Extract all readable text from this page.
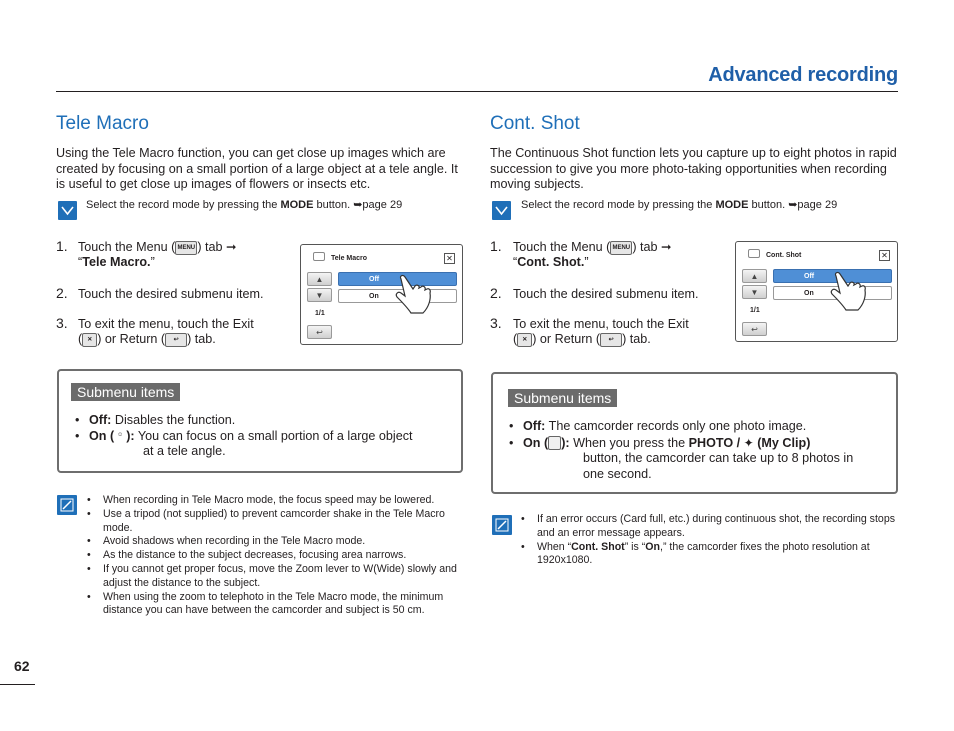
Advanced recording
Tele Macro
Using the Tele Macro function, you can get close up images which are created by focusing on a small portion of a large object at a tele angle. It is useful to get close up images of flowers or insects etc.
Select the record mode by pressing the MODE button. ➥page 29
1. Touch the Menu ( MENU ) tab ➞
“Tele Macro.”
2. Touch the desired submenu item.
3. To exit the menu, touch the Exit
( ✕ ) or Return ( ↩ ) tab.
Tele Macro	✕
▲
▼
Off
On
1/1
↩
Submenu items
• Off: Disables the function.
• On ( ☺ ): You can focus on a small portion of a large object
at a tele angle.
• When recording in Tele Macro mode, the focus speed may be lowered.
• Use a tripod (not supplied) to prevent camcorder shake in the Tele Macro mode.
• Avoid shadows when recording in the Tele Macro mode.
• As the distance to the subject decreases, focusing area narrows.
• If you cannot get proper focus, move the Zoom lever to W(Wide) slowly and adjust the distance to the subject.
• When using the zoom to telephoto in the Tele Macro mode, the minimum distance you can have between the camcorder and subject is 50 cm.
Cont. Shot
The Continuous Shot function lets you capture up to eight photos in rapid succession to give you more photo-taking opportunities when recording moving subjects.
Select the record mode by pressing the MODE button. ➥page 29
1. Touch the Menu ( MENU ) tab ➞
“Cont. Shot.”
2. Touch the desired submenu item.
3. To exit the menu, touch the Exit
( ✕ ) or Return ( ↩ ) tab.
Cont. Shot	✕
▲
▼
Off
On
1/1
↩
Submenu items
• Off: The camcorder records only one photo image.
• On ( ): When you press the PHOTO / ✦ (My Clip)
button, the camcorder can take up to 8 photos in
one second.
• If an error occurs (Card full, etc.) during continuous shot, the recording stops and an error message appears.
• When “Cont. Shot” is “On,” the camcorder fixes the photo resolution at 1920x1080.
62
